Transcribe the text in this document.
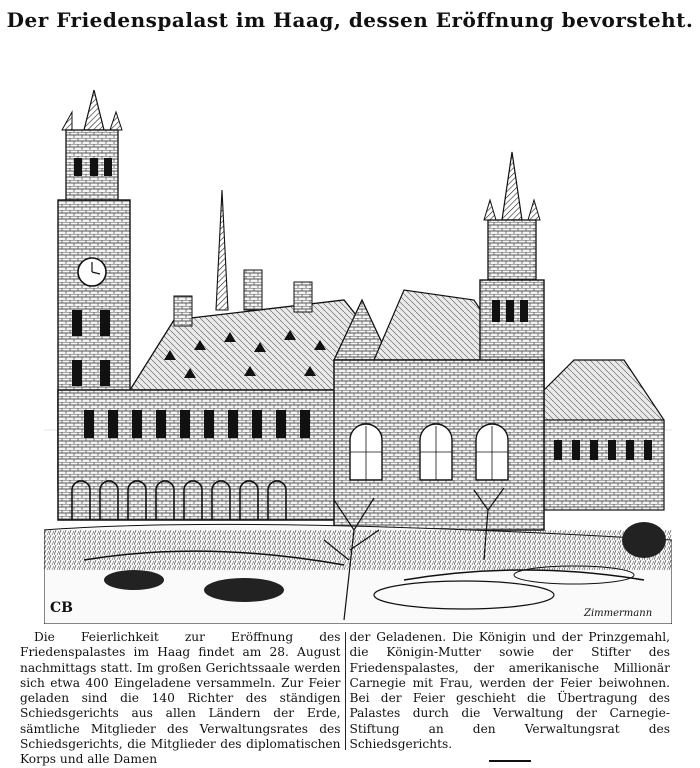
Der Friedenspalast im Haag, dessen Eröffnung bevorsteht.
CB	Zimmermann

Die Feierlichkeit zur Eröffnung des Friedenspalastes im Haag findet am 28. August nachmittags statt. Im großen Gerichtssaale werden sich etwa 400 Eingeladene versammeln. Zur Feier geladen sind die 140 Richter des ständigen Schiedsgerichts aus allen Ländern der Erde, sämtliche Mitglieder des Verwaltungsrates des Schiedsgerichts, die Mitglieder des diplomatischen Korps und alle Damen

der Geladenen. Die Königin und der Prinzgemahl, die Königin-Mutter sowie der Stifter des Friedenspalastes, der amerikanische Millionär Carnegie mit Frau, werden der Feier beiwohnen. Bei der Feier geschieht die Übertragung des Palastes durch die Verwaltung der Carnegie-Stiftung an den Verwaltungsrat des Schiedsgerichts.
